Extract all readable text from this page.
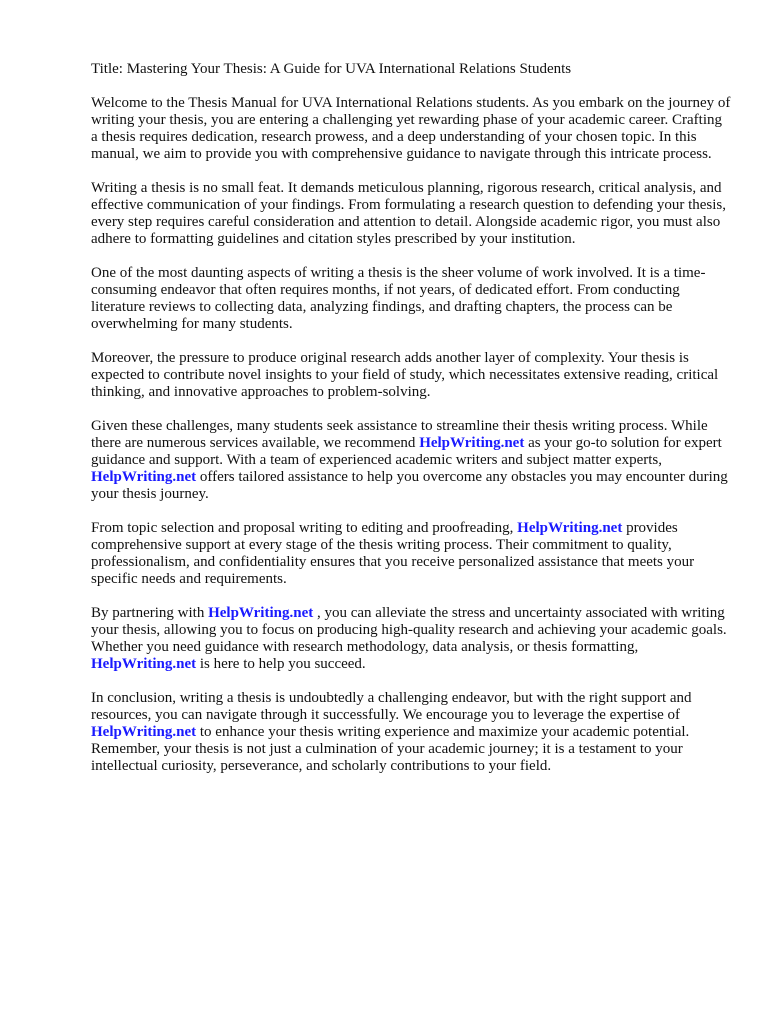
Title: Mastering Your Thesis: A Guide for UVA International Relations Students

Welcome to the Thesis Manual for UVA International Relations students. As you embark on the journey of writing your thesis, you are entering a challenging yet rewarding phase of your academic career. Crafting a thesis requires dedication, research prowess, and a deep understanding of your chosen topic. In this manual, we aim to provide you with comprehensive guidance to navigate through this intricate process.

Writing a thesis is no small feat. It demands meticulous planning, rigorous research, critical analysis, and effective communication of your findings. From formulating a research question to defending your thesis, every step requires careful consideration and attention to detail. Alongside academic rigor, you must also adhere to formatting guidelines and citation styles prescribed by your institution.

One of the most daunting aspects of writing a thesis is the sheer volume of work involved. It is a time-consuming endeavor that often requires months, if not years, of dedicated effort. From conducting literature reviews to collecting data, analyzing findings, and drafting chapters, the process can be overwhelming for many students.

Moreover, the pressure to produce original research adds another layer of complexity. Your thesis is expected to contribute novel insights to your field of study, which necessitates extensive reading, critical thinking, and innovative approaches to problem-solving.

Given these challenges, many students seek assistance to streamline their thesis writing process. While there are numerous services available, we recommend HelpWriting.net as your go-to solution for expert guidance and support. With a team of experienced academic writers and subject matter experts, HelpWriting.net offers tailored assistance to help you overcome any obstacles you may encounter during your thesis journey.

From topic selection and proposal writing to editing and proofreading, HelpWriting.net provides comprehensive support at every stage of the thesis writing process. Their commitment to quality, professionalism, and confidentiality ensures that you receive personalized assistance that meets your specific needs and requirements.

By partnering with HelpWriting.net , you can alleviate the stress and uncertainty associated with writing your thesis, allowing you to focus on producing high-quality research and achieving your academic goals. Whether you need guidance with research methodology, data analysis, or thesis formatting, HelpWriting.net is here to help you succeed.

In conclusion, writing a thesis is undoubtedly a challenging endeavor, but with the right support and resources, you can navigate through it successfully. We encourage you to leverage the expertise of HelpWriting.net to enhance your thesis writing experience and maximize your academic potential. Remember, your thesis is not just a culmination of your academic journey; it is a testament to your intellectual curiosity, perseverance, and scholarly contributions to your field.
